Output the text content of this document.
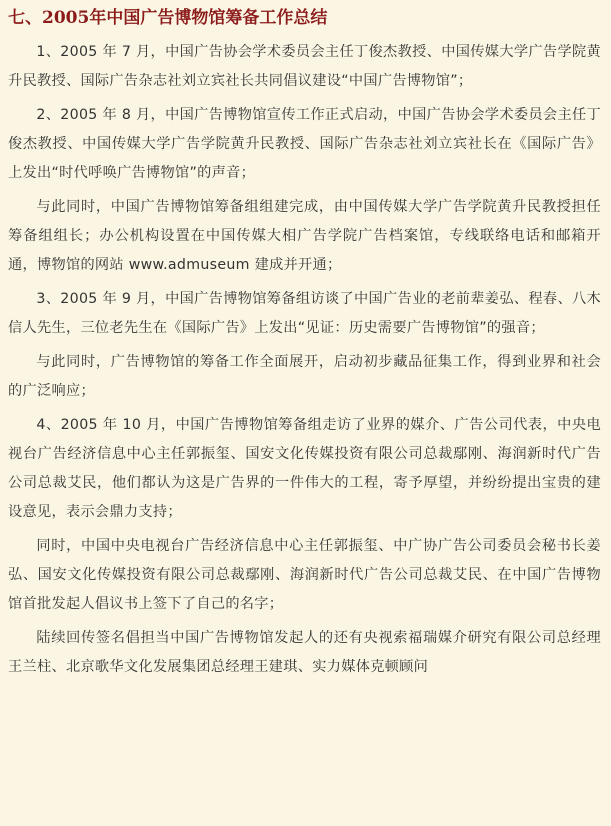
七、2005年中国广告博物馆筹备工作总结

1、2005 年 7 月，中国广告协会学术委员会主任丁俊杰教授、中国传媒大学广告学院黄升民教授、国际广告杂志社刘立宾社长共同倡议建设“中国广告博物馆”；

2、2005 年 8 月，中国广告博物馆宣传工作正式启动，中国广告协会学术委员会主任丁俊杰教授、中国传媒大学广告学院黄升民教授、国际广告杂志社刘立宾社长在《国际广告》上发出“时代呼唤广告博物馆”的声音；

与此同时，中国广告博物馆筹备组组建完成，由中国传媒大学广告学院黄升民教授担任筹备组组长；办公机构设置在中国传媒大相广告学院广告档案馆，专线联络电话和邮箱开通，博物馆的网站 www.admuseum 建成并开通；

3、2005 年 9 月，中国广告博物馆筹备组访谈了中国广告业的老前辈姜弘、程春、八木信人先生，三位老先生在《国际广告》上发出“见证：历史需要广告博物馆”的强音；

与此同时，广告博物馆的筹备工作全面展开，启动初步藏品征集工作，得到业界和社会的广泛响应；

4、2005 年 10 月，中国广告博物馆筹备组走访了业界的媒介、广告公司代表，中央电视台广告经济信息中心主任郭振玺、国安文化传媒投资有限公司总裁鄢刚、海润新时代广告公司总裁艾民，他们都认为这是广告界的一件伟大的工程，寄予厚望，并纷纷提出宝贵的建设意见，表示会鼎力支持；

同时，中国中央电视台广告经济信息中心主任郭振玺、中广协广告公司委员会秘书长姜弘、国安文化传媒投资有限公司总裁鄢刚、海润新时代广告公司总裁艾民、在中国广告博物馆首批发起人倡议书上签下了自己的名字；

陆续回传签名倡担当中国广告博物馆发起人的还有央视索福瑞媒介研究有限公司总经理王兰柱、北京歌华文化发展集团总经理王建琪、实力媒体克顿顾问
